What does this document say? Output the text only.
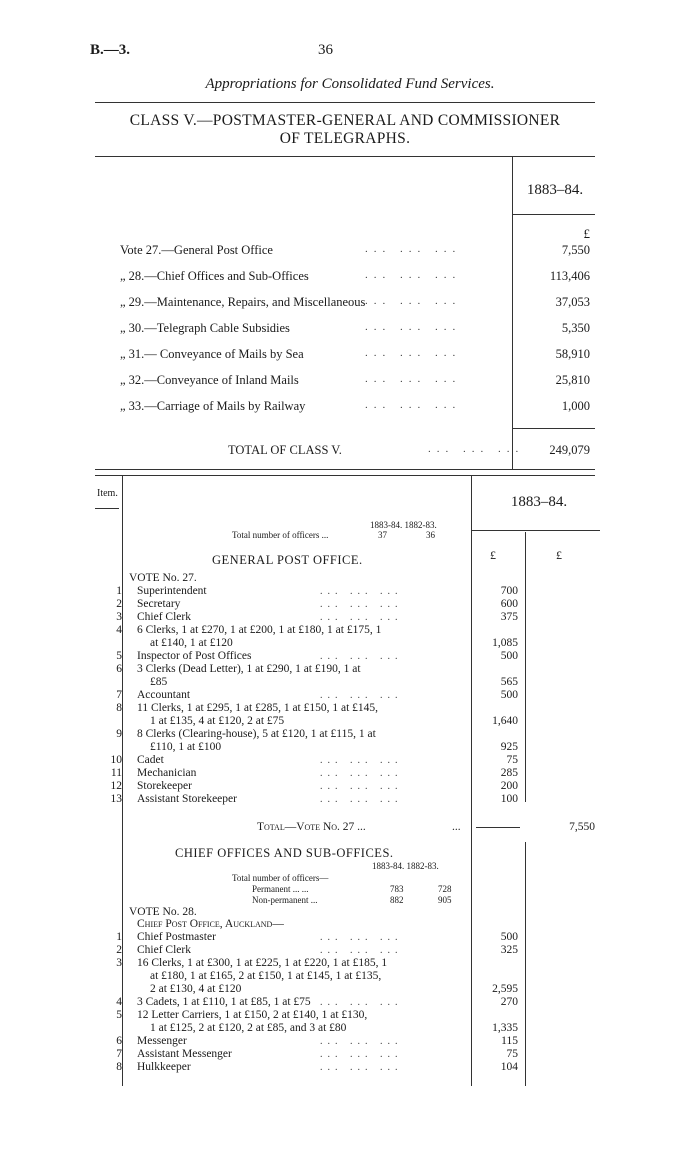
B.—3.	36
Appropriations for Consolidated Fund Services.
CLASS V.—POSTMASTER-GENERAL AND COMMISSIONER
OF TELEGRAPHS.
1883–84.
£
Vote 27.—General Post Office	... ... ...	7,550
„ 28.—Chief Offices and Sub-Offices	... ... ...	113,406
„ 29.—Maintenance, Repairs, and Miscellaneous ... ... ...	37,053
„ 30.—Telegraph Cable Subsidies	... ... ...	5,350
„ 31.— Conveyance of Mails by Sea	... ... ...	58,910
„ 32.—Conveyance of Inland Mails	... ... ...	25,810
„ 33.—Carriage of Mails by Railway	... ... ...	1,000
TOTAL OF CLASS V.	... ... ... 249,079
Item.
1883–84.
£	£
1883-84. 1882-83.
Total number of officers ...	37	36
GENERAL POST OFFICE.
VOTE No. 27.
1 Superintendent	... ... ...	700
2 Secretary	... ... ...	600
3 Chief Clerk	... ... ...	375
4 6 Clerks, 1 at £270, 1 at £200, 1 at £180, 1 at £175, 1
at £140, 1 at £120	1,085
5 Inspector of Post Offices	... ... ...	500
6 3 Clerks (Dead Letter), 1 at £290, 1 at £190, 1 at
£85	565
7 Accountant	... ... ...	500
8 11 Clerks, 1 at £295, 1 at £285, 1 at £150, 1 at £145,
1 at £135, 4 at £120, 2 at £75	1,640
9 8 Clerks (Clearing-house), 5 at £120, 1 at £115, 1 at
£110, 1 at £100	925
10 Cadet	... ... ...	75
11 Mechanician	... ... ...	285
12 Storekeeper	... ... ...	200
13 Assistant Storekeeper	... ... ...	100
Total—Vote No. 27 ...	...	7,550
CHIEF OFFICES AND SUB-OFFICES.
1883-84. 1882-83.
Total number of officers—
Permanent ... ...	783	728
Non-permanent ...	882	905
VOTE No. 28.
Chief Post Office, Auckland—
1 Chief Postmaster	... ... ...	500
2 Chief Clerk	... ... ...	325
3 16 Clerks, 1 at £300, 1 at £225, 1 at £220, 1 at £185, 1
at £180, 1 at £165, 2 at £150, 1 at £145, 1 at £135,
2 at £130, 4 at £120	2,595
4 3 Cadets, 1 at £110, 1 at £85, 1 at £75 ... ... ...	270
5 12 Letter Carriers, 1 at £150, 2 at £140, 1 at £130,
1 at £125, 2 at £120, 2 at £85, and 3 at £80	1,335
6 Messenger	... ... ...	115
7 Assistant Messenger	... ... ...	75
8 Hulkkeeper	... ... ...	104
